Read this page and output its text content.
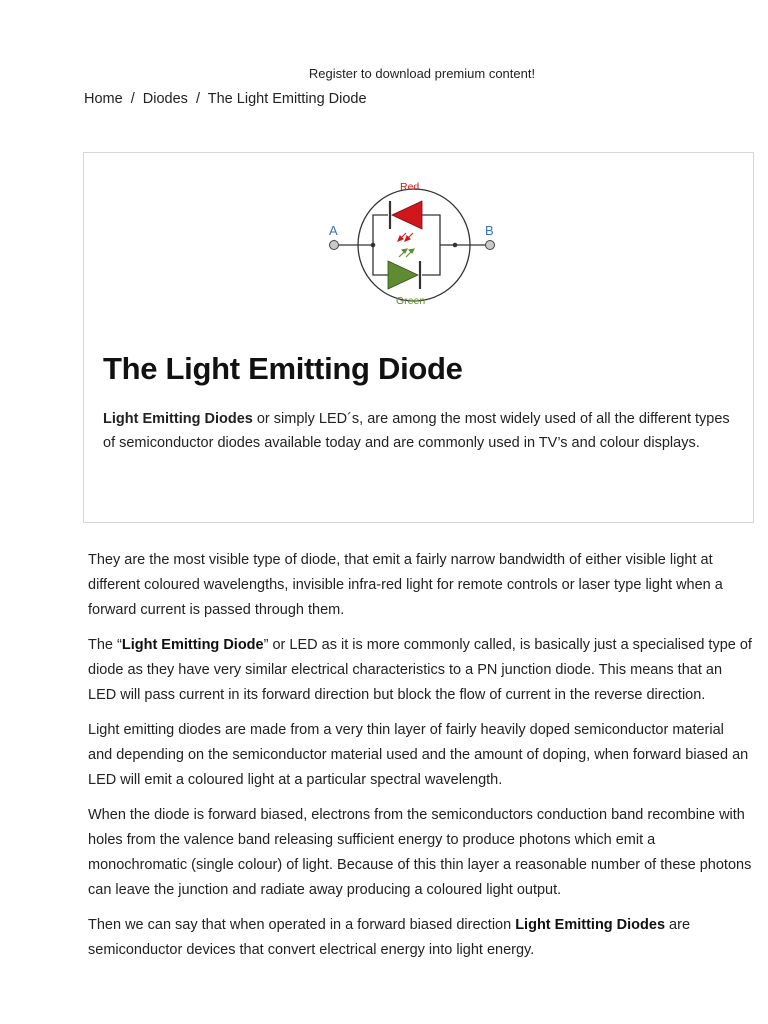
Register to download premium content!
Home / Diodes / The Light Emitting Diode
A	B
Red
Green
The Light Emitting Diode

Light Emitting Diodes or simply LED´s, are among the most widely used of all the different types of semiconductor diodes available today and are commonly used in TV’s and colour displays.

They are the most visible type of diode, that emit a fairly narrow bandwidth of either visible light at different coloured wavelengths, invisible infra-red light for remote controls or laser type light when a forward current is passed through them.

The “Light Emitting Diode” or LED as it is more commonly called, is basically just a specialised type of diode as they have very similar electrical characteristics to a PN junction diode. This means that an LED will pass current in its forward direction but block the flow of current in the reverse direction.

Light emitting diodes are made from a very thin layer of fairly heavily doped semiconductor material and depending on the semiconductor material used and the amount of doping, when forward biased an LED will emit a coloured light at a particular spectral wavelength.

When the diode is forward biased, electrons from the semiconductors conduction band recombine with holes from the valence band releasing sufficient energy to produce photons which emit a monochromatic (single colour) of light. Because of this thin layer a reasonable number of these photons can leave the junction and radiate away producing a coloured light output.

Then we can say that when operated in a forward biased direction Light Emitting Diodes are semiconductor devices that convert electrical energy into light energy.
